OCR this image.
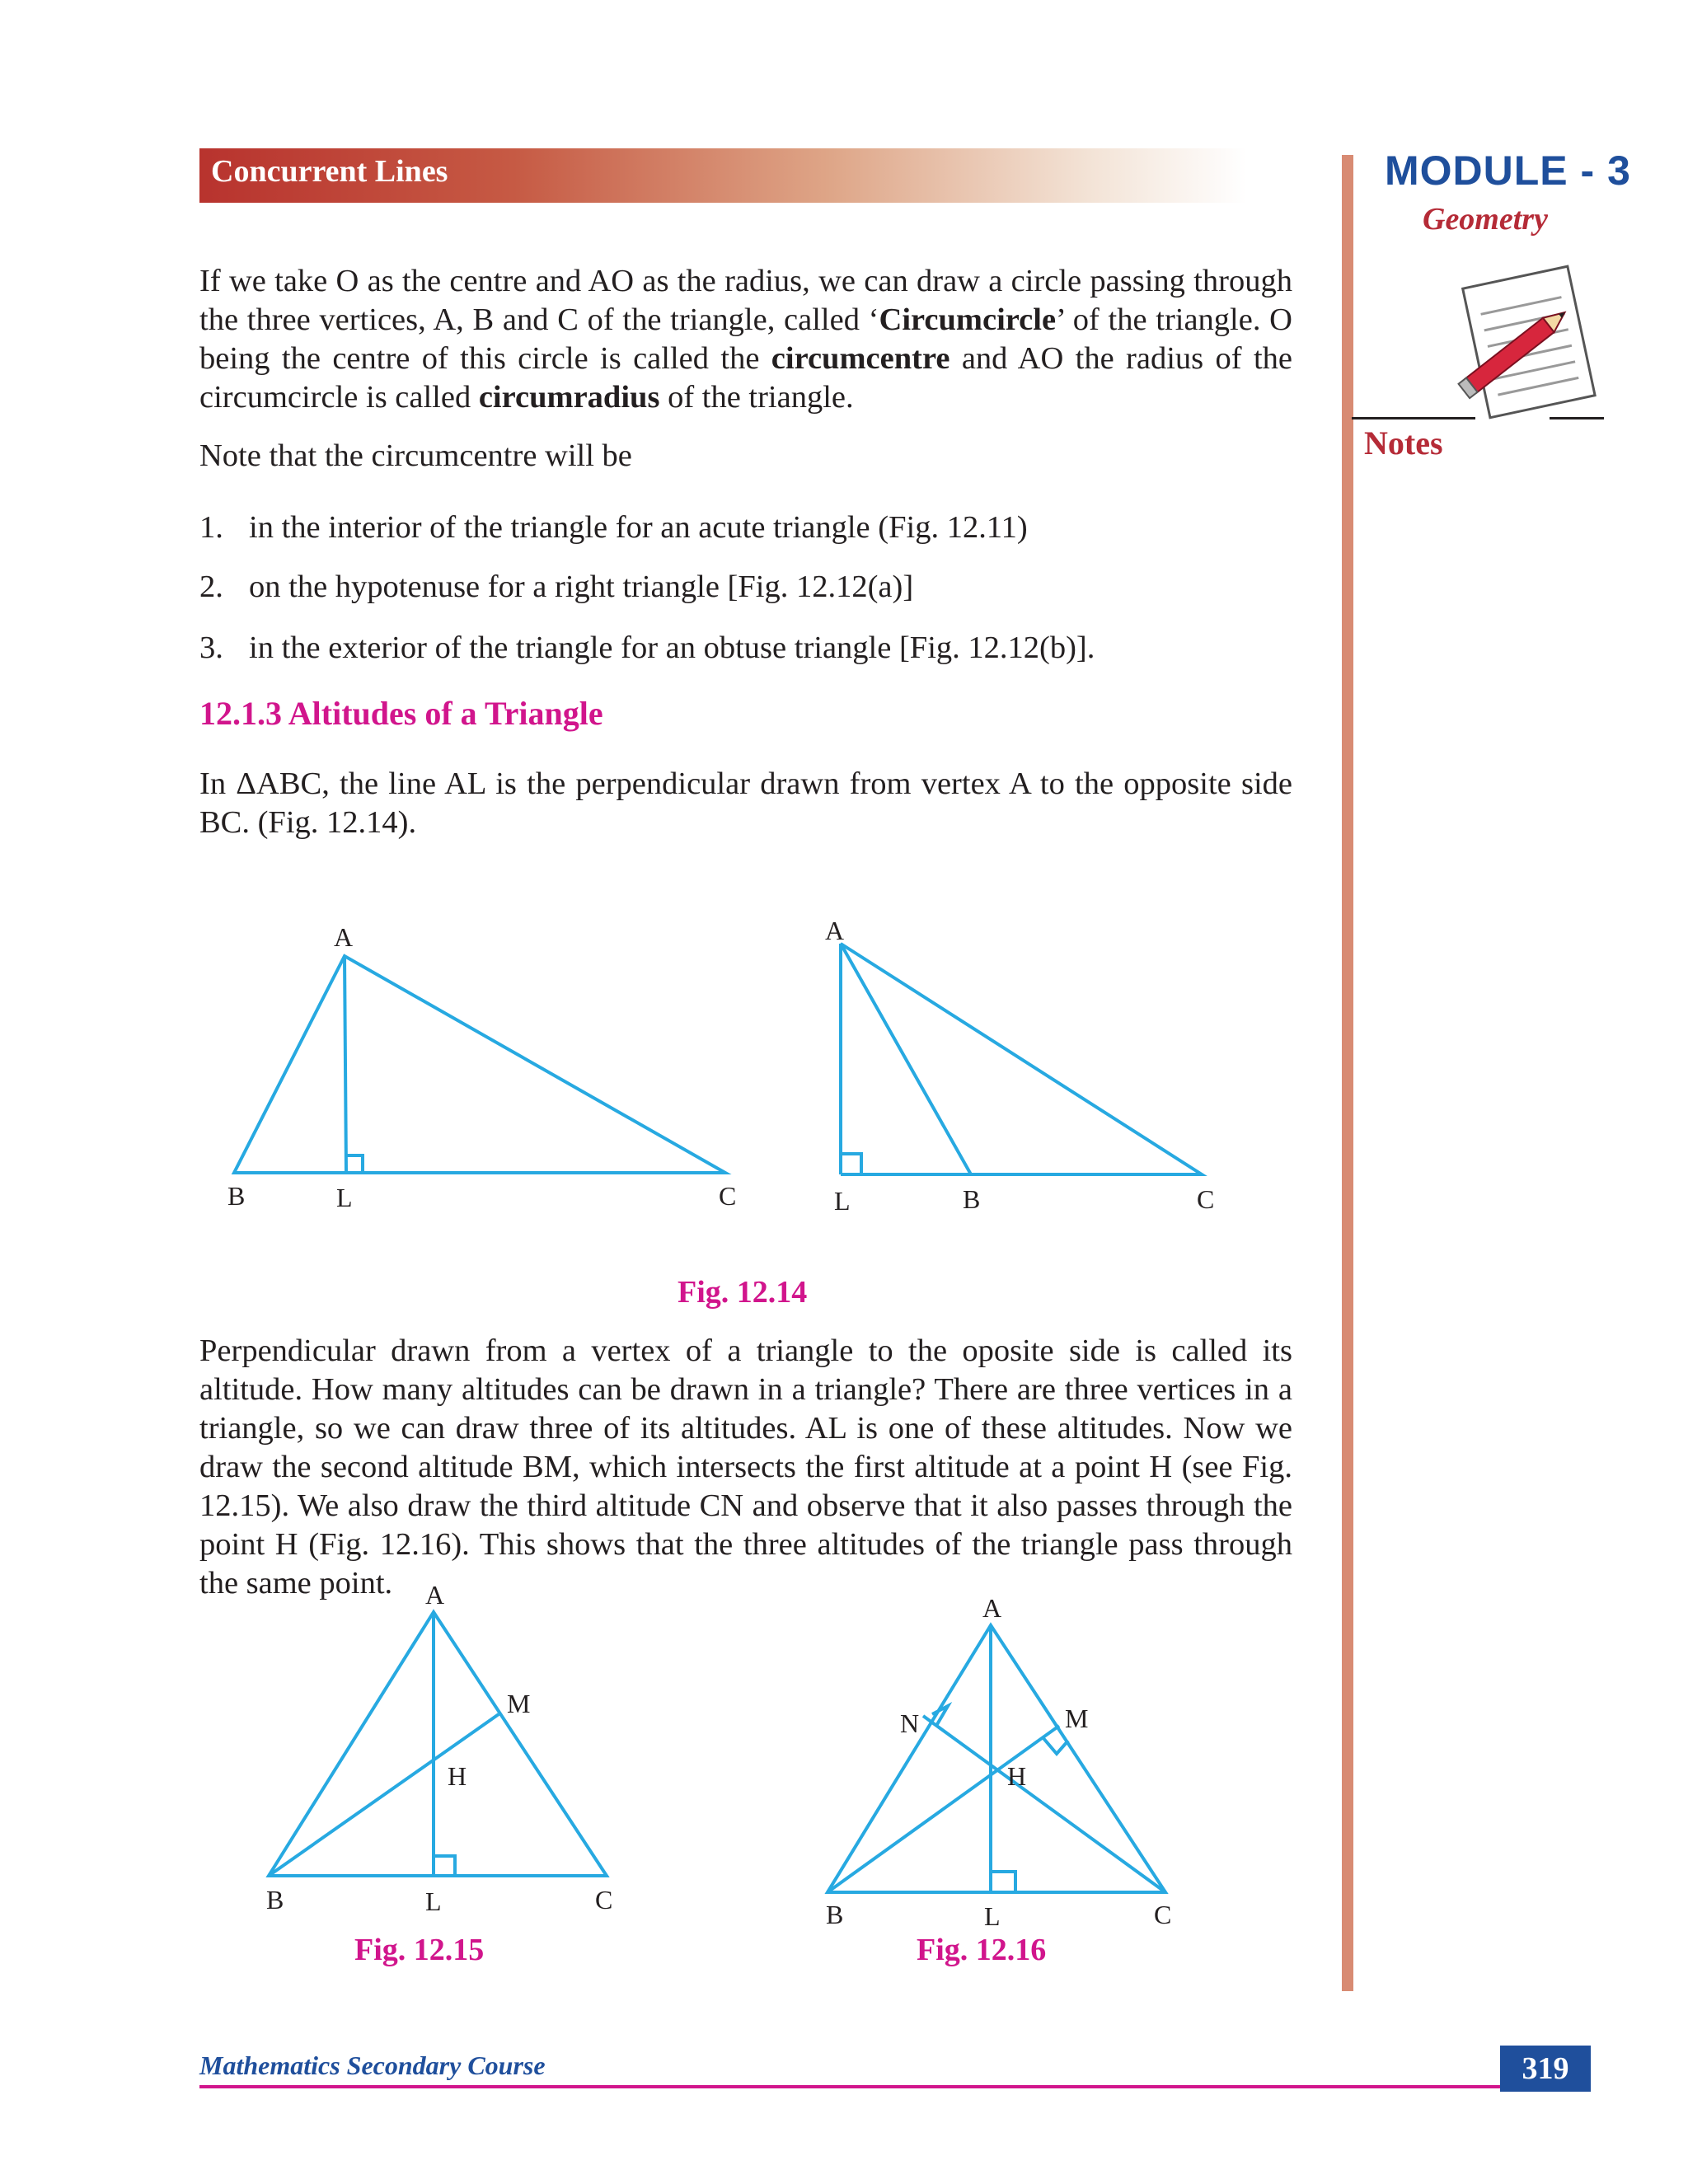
Concurrent Lines	MODULE - 3
Geometry
Notes
If we take O as the centre and AO as the radius, we can draw a circle passing through the three vertices, A, B and C of the triangle, called ‘Circumcircle’ of the triangle. O being the centre of this circle is called the circumcentre and AO the radius of the circumcircle is called circumradius of the triangle.
Note that the circumcentre will be
1. in the interior of the triangle for an acute triangle (Fig. 12.11)
2. on the hypotenuse for a right triangle [Fig. 12.12(a)]
3. in the exterior of the triangle for an obtuse triangle [Fig. 12.12(b)].
12.1.3 Altitudes of a Triangle
In ΔABC, the line AL is the perpendicular drawn from vertex A to the opposite side BC. (Fig. 12.14).
A
B	L	C
A
L	B	C
Fig. 12.14
Perpendicular drawn from a vertex of a triangle to the oposite side is called its altitude. How many altitudes can be drawn in a triangle? There are three vertices in a triangle, so we can draw three of its altitudes. AL is one of these altitudes. Now we draw the second altitude BM, which intersects the first altitude at a point H (see Fig. 12.15). We also draw the third altitude CN and observe that it also passes through the point H (Fig. 12.16). This shows that the three altitudes of the triangle pass through the same point.	A
M
H
B	L	C
A
N	M
H
B	L	C
Fig. 12.15	Fig. 12.16
Mathematics Secondary Course	319
